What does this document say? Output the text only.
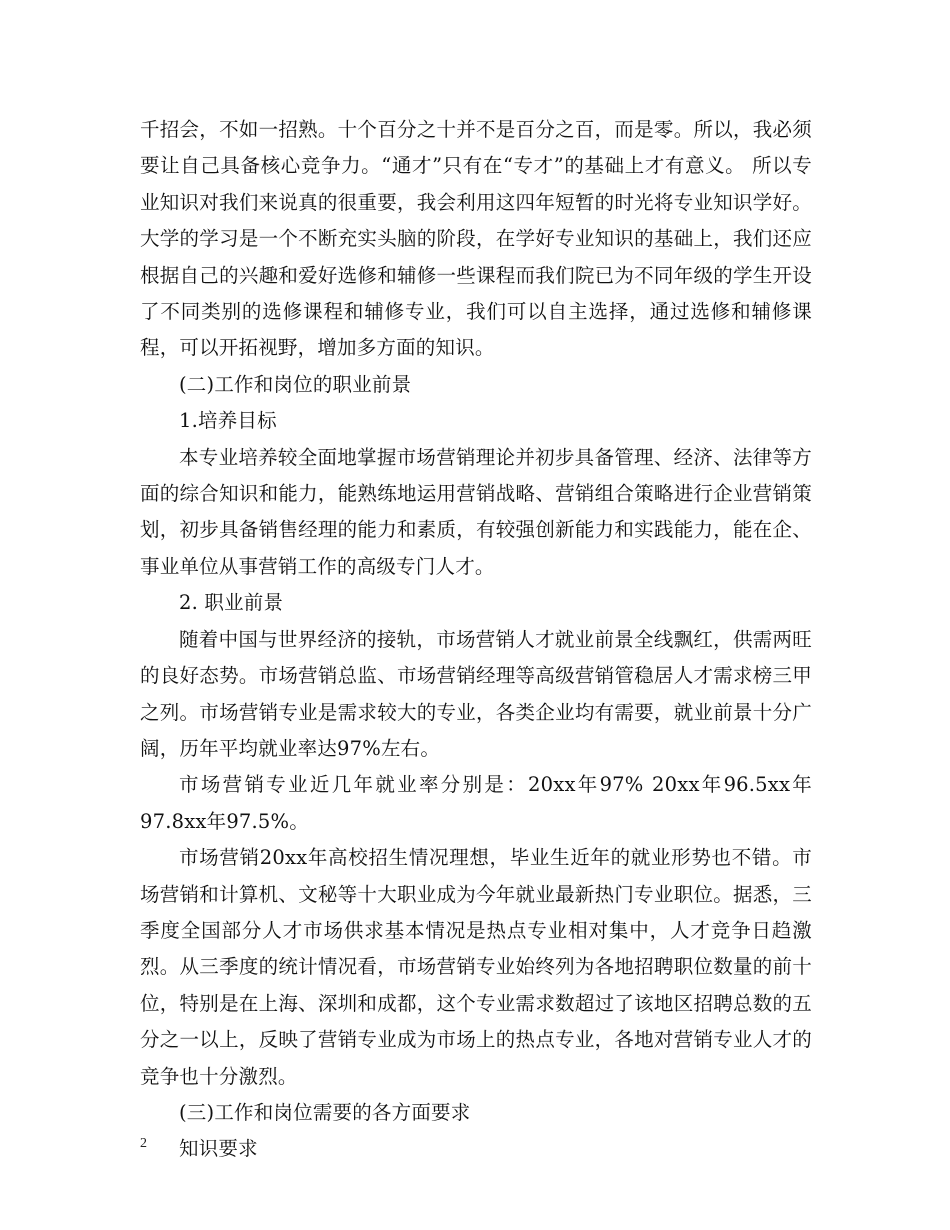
千招会，不如一招熟。十个百分之十并不是百分之百，而是零。所以，我必须要让自己具备核心竞争力。“通才”只有在“专才”的基础上才有意义。 所以专业知识对我们来说真的很重要，我会利用这四年短暂的时光将专业知识学好。大学的学习是一个不断充实头脑的阶段，在学好专业知识的基础上，我们还应根据自己的兴趣和爱好选修和辅修一些课程而我们院已为不同年级的学生开设了不同类别的选修课程和辅修专业，我们可以自主选择，通过选修和辅修课程，可以开拓视野，增加多方面的知识。

(二)工作和岗位的职业前景

1.培养目标

本专业培养较全面地掌握市场营销理论并初步具备管理、经济、法律等方面的综合知识和能力，能熟练地运用营销战略、营销组合策略进行企业营销策划，初步具备销售经理的能力和素质，有较强创新能力和实践能力，能在企、事业单位从事营销工作的高级专门人才。

2. 职业前景

随着中国与世界经济的接轨，市场营销人才就业前景全线飘红，供需两旺的良好态势。市场营销总监、市场营销经理等高级营销管稳居人才需求榜三甲之列。市场营销专业是需求较大的专业，各类企业均有需要，就业前景十分广阔，历年平均就业率达97%左右。

市场营销专业近几年就业率分别是：20xx年97% 20xx年96.5xx年97.8xx年97.5%。

市场营销20xx年高校招生情况理想，毕业生近年的就业形势也不错。市场营销和计算机、文秘等十大职业成为今年就业最新热门专业职位。据悉，三季度全国部分人才市场供求基本情况是热点专业相对集中，人才竞争日趋激烈。从三季度的统计情况看，市场营销专业始终列为各地招聘职位数量的前十位，特别是在上海、深圳和成都，这个专业需求数超过了该地区招聘总数的五分之一以上，反映了营销专业成为市场上的热点专业，各地对营销专业人才的竞争也十分激烈。

(三)工作和岗位需要的各方面要求

知识要求

2
